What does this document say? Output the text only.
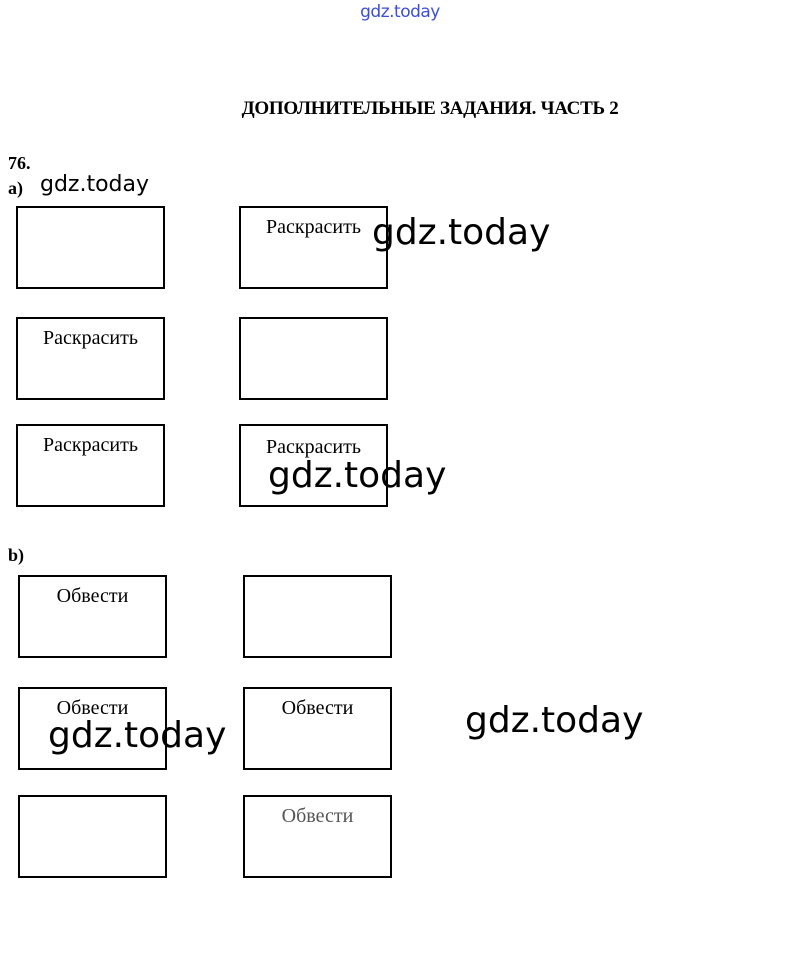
gdz.today
ДОПОЛНИТЕЛЬНЫЕ ЗАДАНИЯ. ЧАСТЬ 2
76.
a) gdz.today
Раскрасить gdz.today
Раскрасить
Раскрасить	Раскрасить
gdz.today
b)
Обвести
Обвести
gdz.today
Обвести	gdz.today
Обвести
